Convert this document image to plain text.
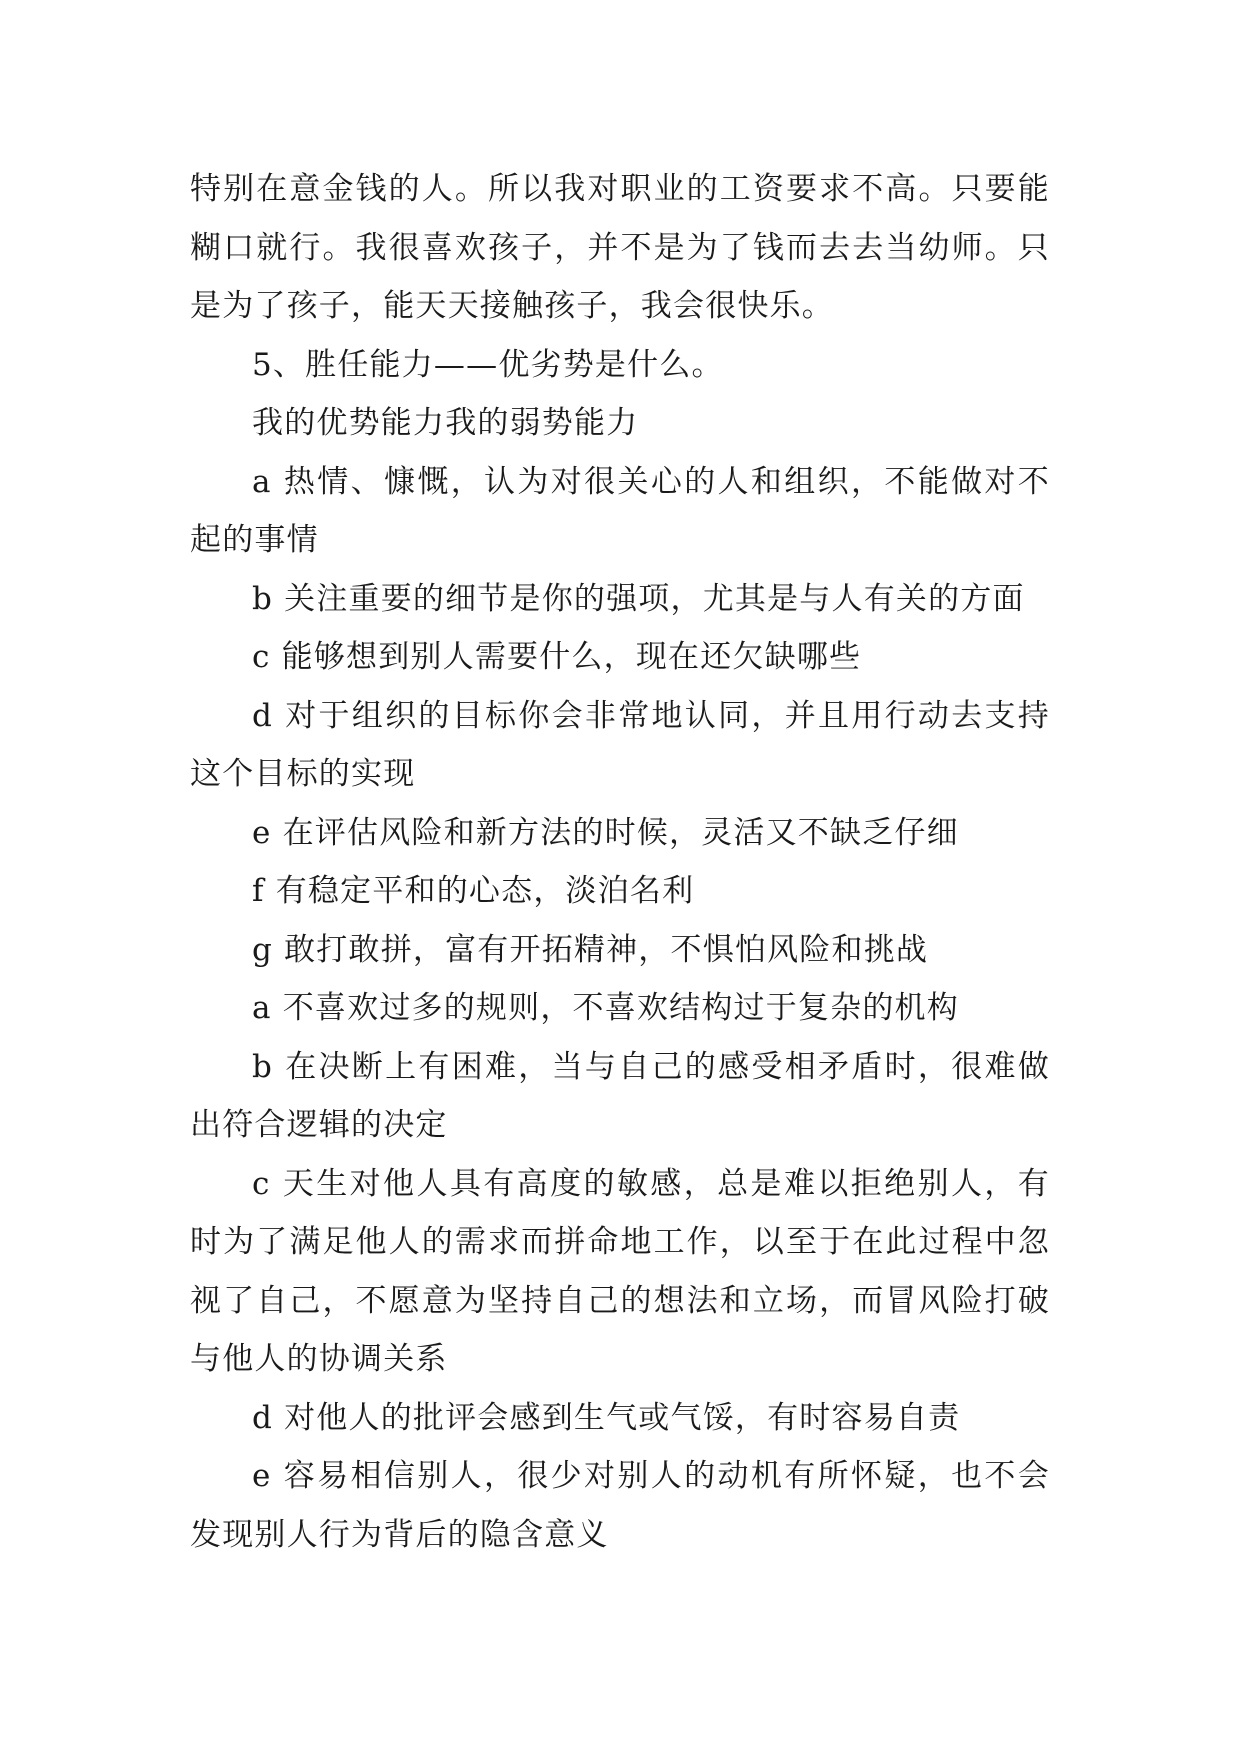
特别在意金钱的人。所以我对职业的工资要求不高。只要能糊口就行。我很喜欢孩子，并不是为了钱而去去当幼师。只是为了孩子，能天天接触孩子，我会很快乐。

5、胜任能力——优劣势是什么。

我的优势能力我的弱势能力

a 热情、慷慨，认为对很关心的人和组织，不能做对不起的事情

b 关注重要的细节是你的强项，尤其是与人有关的方面

c 能够想到别人需要什么，现在还欠缺哪些

d 对于组织的目标你会非常地认同，并且用行动去支持这个目标的实现

e 在评估风险和新方法的时候，灵活又不缺乏仔细

f 有稳定平和的心态，淡泊名利

g 敢打敢拼，富有开拓精神，不惧怕风险和挑战

a 不喜欢过多的规则，不喜欢结构过于复杂的机构

b 在决断上有困难，当与自己的感受相矛盾时，很难做出符合逻辑的决定

c 天生对他人具有高度的敏感，总是难以拒绝别人，有时为了满足他人的需求而拼命地工作，以至于在此过程中忽视了自己，不愿意为坚持自己的想法和立场，而冒风险打破与他人的协调关系

d 对他人的批评会感到生气或气馁，有时容易自责

e 容易相信别人，很少对别人的动机有所怀疑，也不会发现别人行为背后的隐含意义
